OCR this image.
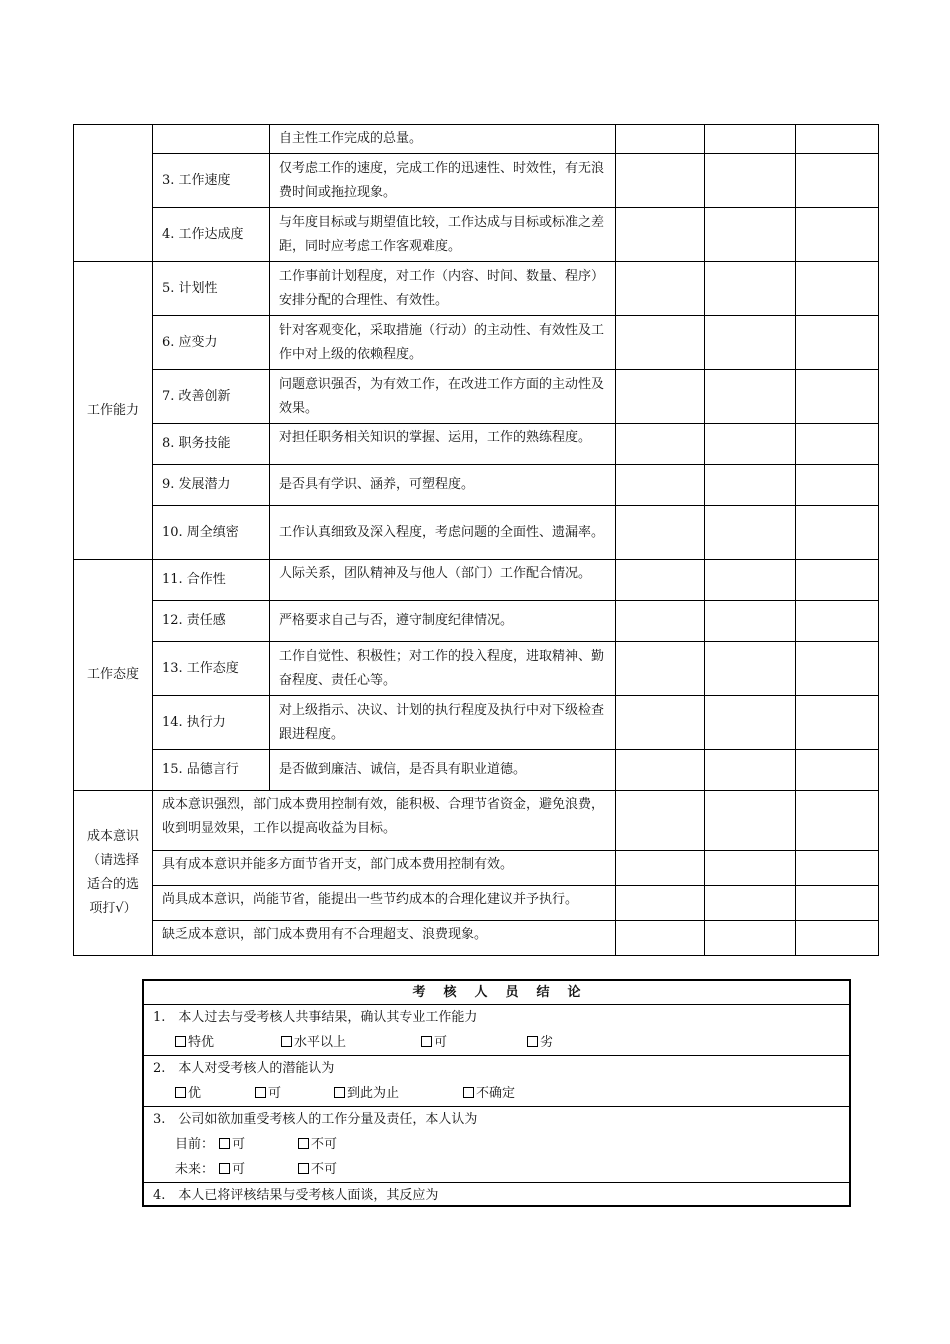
		自主性工作完成的总量。			
	3. 工作速度	仅考虑工作的速度，完成工作的迅速性、时效性，有无浪费时间或拖拉现象。			
	4. 工作达成度	与年度目标或与期望值比较，工作达成与目标或标准之差距，同时应考虑工作客观难度。			
工作能力	5. 计划性	工作事前计划程度，对工作（内容、时间、数量、程序）安排分配的合理性、有效性。			
	6. 应变力	针对客观变化，采取措施（行动）的主动性、有效性及工作中对上级的依赖程度。			
	7. 改善创新	问题意识强否，为有效工作，在改进工作方面的主动性及效果。			
	8. 职务技能	对担任职务相关知识的掌握、运用，工作的熟练程度。			
	9. 发展潜力	是否具有学识、涵养，可塑程度。			
	10. 周全缜密	工作认真细致及深入程度，考虑问题的全面性、遗漏率。			
工作态度	11. 合作性	人际关系，团队精神及与他人（部门）工作配合情况。			
	12. 责任感	严格要求自己与否，遵守制度纪律情况。			
	13. 工作态度	工作自觉性、积极性；对工作的投入程度，进取精神、勤奋程度、责任心等。			
	14. 执行力	对上级指示、决议、计划的执行程度及执行中对下级检查跟进程度。			
	15. 品德言行	是否做到廉洁、诚信，是否具有职业道德。			
成本意识（请选择适合的选项打√）	成本意识强烈，部门成本费用控制有效，能积极、合理节省资金，避免浪费，收到明显效果，工作以提高收益为目标。				
	具有成本意识并能多方面节省开支，部门成本费用控制有效。				
	尚具成本意识，尚能节省，能提出一些节约成本的合理化建议并予执行。				
	缺乏成本意识，部门成本费用有不合理超支、浪费现象。				
考 核 人 员 结 论
1.　本人过去与受考核人共事结果，确认其专业工作能力
特优	水平以上	可	劣
2.　本人对受考核人的潜能认为
优	可	到此为止	不确定
3.　公司如欲加重受考核人的工作分量及责任，本人认为
目前：	可	不可
未来：	可	不可
4.　本人已将评核结果与受考核人面谈，其反应为
